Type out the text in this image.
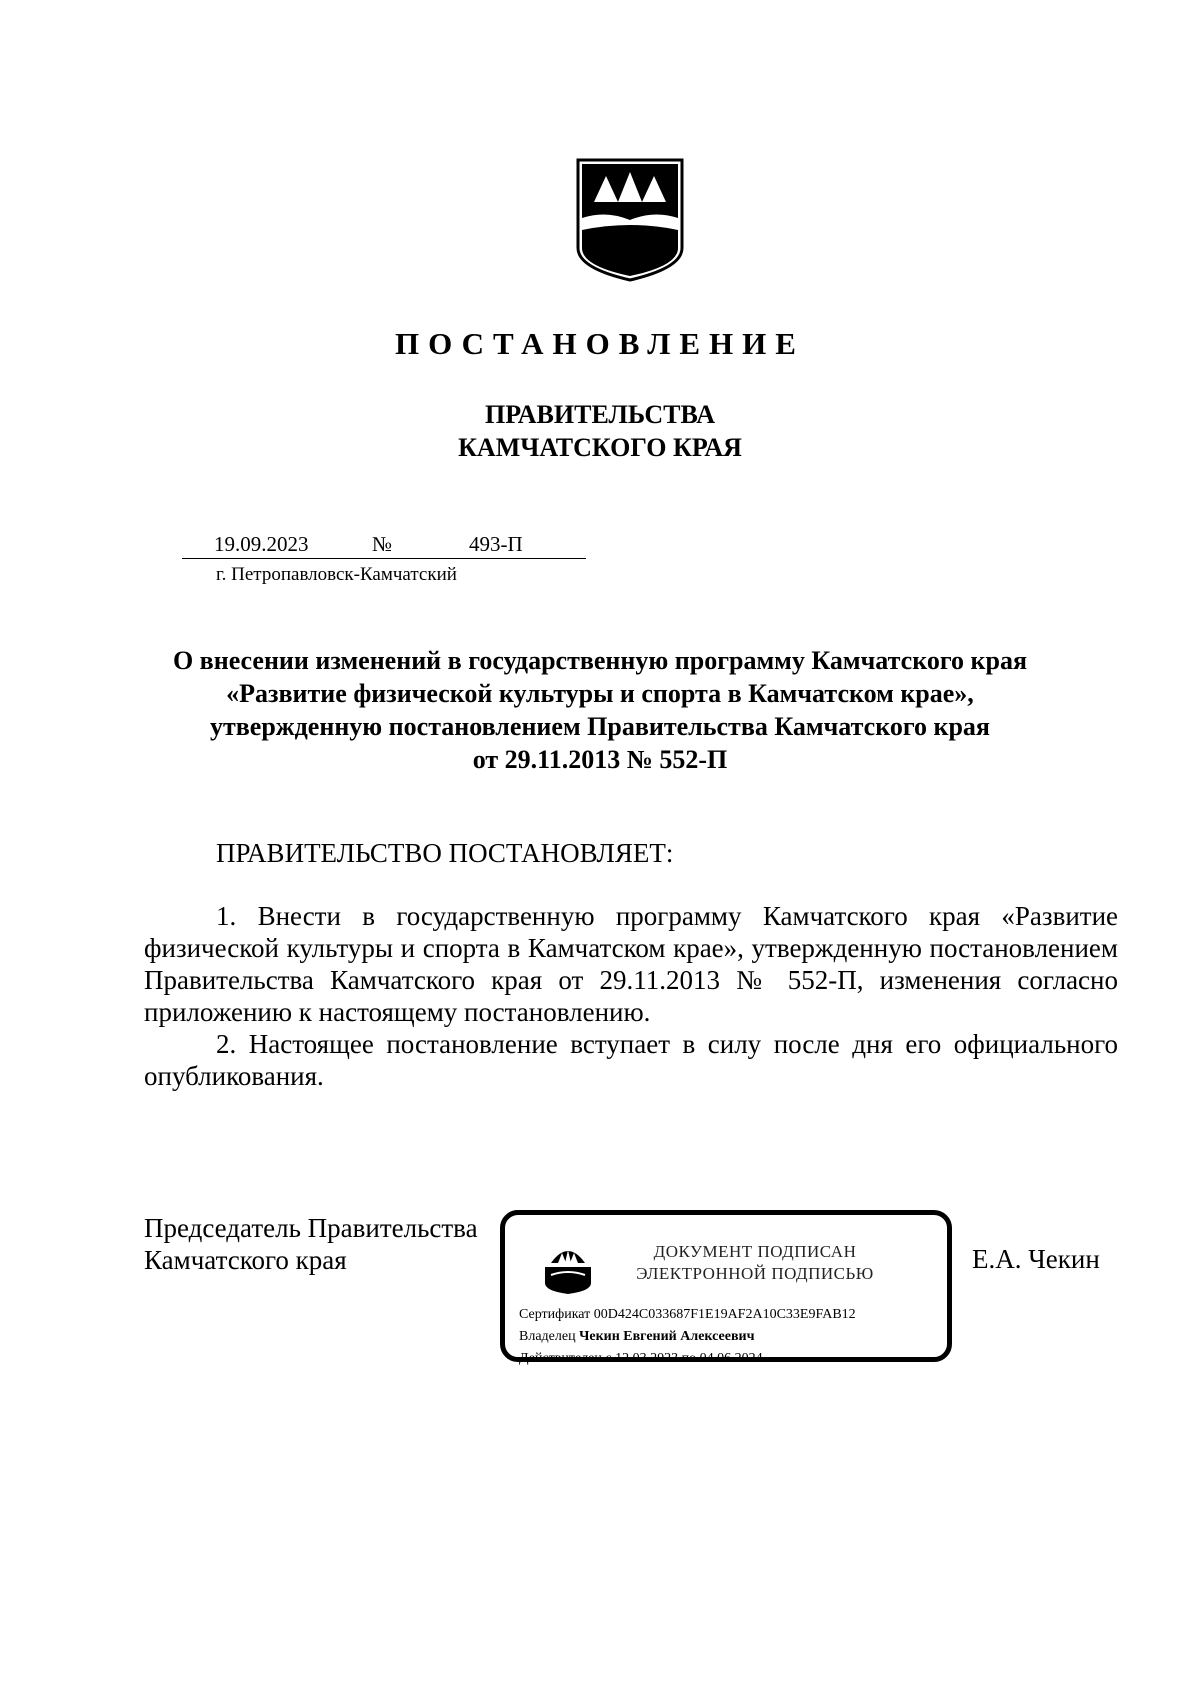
ПОСТАНОВЛЕНИЕ
ПРАВИТЕЛЬСТВА
КАМЧАТСКОГО КРАЯ
19.09.2023	№	493-П
г. Петропавловск-Камчатский
О внесении изменений в государственную программу Камчатского края
«Развитие физической культуры и спорта в Камчатском крае»,
утвержденную постановлением Правительства Камчатского края
от 29.11.2013 № 552-П
ПРАВИТЕЛЬСТВО ПОСТАНОВЛЯЕТ:

1. Внести в государственную программу Камчатского края «Развитие физической культуры и спорта в Камчатском крае», утвержденную постановлением Правительства Камчатского края от 29.11.2013 № 552-П, изменения согласно приложению к настоящему постановлению.

2. Настоящее постановление вступает в силу после дня его официального опубликования.

Председатель Правительства
Камчатского края	ДОКУМЕНТ ПОДПИСАН
ЭЛЕКТРОННОЙ ПОДПИСЬЮ
Сертификат 00D424C033687F1E19AF2A10C33E9FAB12
Владелец Чекин Евгений Алексеевич
Действителен с 12.03.2023 по 04.06.2024
Е.А. Чекин
